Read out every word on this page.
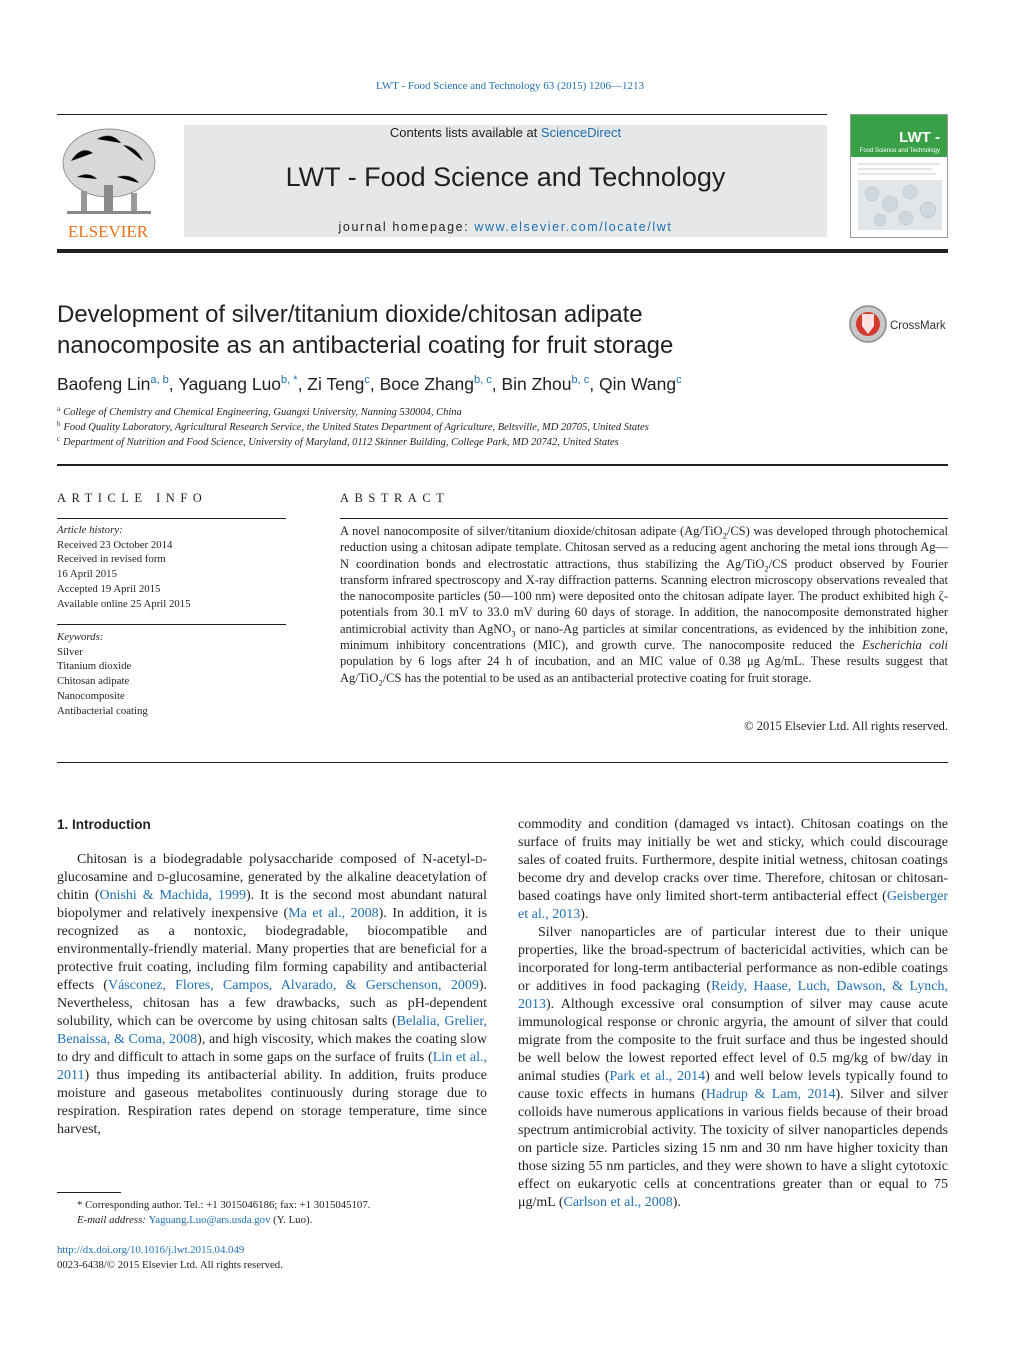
LWT - Food Science and Technology 63 (2015) 1206—1213
ELSEVIER
Contents lists available at ScienceDirect
LWT - Food Science and Technology
journal homepage: www.elsevier.com/locate/lwt
LWT -
Food Science and Technology
Development of silver/titanium dioxide/chitosan adipate
nanocomposite as an antibacterial coating for fruit storage
CrossMark
Baofeng Lin$^{a, b}$, Yaguang Luo$^{b, *}$, Zi Teng$^c$, Boce Zhang$^{b, c}$, Bin Zhou$^{b, c}$, Qin Wang$^c$
$^a$ College of Chemistry and Chemical Engineering, Guangxi University, Nanning 530004, China
$^b$ Food Quality Laboratory, Agricultural Research Service, the United States Department of Agriculture, Beltsville, MD 20705, United States
$^c$ Department of Nutrition and Food Science, University of Maryland, 0112 Skinner Building, College Park, MD 20742, United States
ARTICLE INFO	ABSTRACT
Article history:
Received 23 October 2014
Received in revised form
16 April 2015
Accepted 19 April 2015
Available online 25 April 2015
Keywords:
Silver
Titanium dioxide
Chitosan adipate
Nanocomposite
Antibacterial coating
A novel nanocomposite of silver/titanium dioxide/chitosan adipate (Ag/TiO$_2$/CS) was developed through photochemical reduction using a chitosan adipate template. Chitosan served as a reducing agent anchoring the metal ions through Ag—N coordination bonds and electrostatic attractions, thus stabilizing the Ag/TiO$_2$/CS product observed by Fourier transform infrared spectroscopy and X-ray diffraction patterns. Scanning electron microscopy observations revealed that the nanocomposite particles (50—100 nm) were deposited onto the chitosan adipate layer. The product exhibited high ζ-potentials from 30.1 mV to 33.0 mV during 60 days of storage. In addition, the nanocomposite demonstrated higher antimicrobial activity than AgNO$_3$ or nano-Ag particles at similar concentrations, as evidenced by the inhibition zone, minimum inhibitory concentrations (MIC), and growth curve. The nanocomposite reduced the Escherichia coli population by 6 logs after 24 h of incubation, and an MIC value of 0.38 μg Ag/mL. These results suggest that Ag/TiO$_2$/CS has the potential to be used as an antibacterial protective coating for fruit storage.
© 2015 Elsevier Ltd. All rights reserved.

1. Introduction

Chitosan is a biodegradable polysaccharide composed of N-acetyl-d-glucosamine and d-glucosamine, generated by the alkaline deacetylation of chitin (Onishi & Machida, 1999). It is the second most abundant natural biopolymer and relatively inexpensive (Ma et al., 2008). In addition, it is recognized as a nontoxic, biodegradable, biocompatible and environmentally-friendly material. Many properties that are beneficial for a protective fruit coating, including film forming capability and antibacterial effects (Vásconez, Flores, Campos, Alvarado, & Gerschenson, 2009). Nevertheless, chitosan has a few drawbacks, such as pH-dependent solubility, which can be overcome by using chitosan salts (Belalia, Grelier, Benaissa, & Coma, 2008), and high viscosity, which makes the coating slow to dry and difficult to attach in some gaps on the surface of fruits (Lin et al., 2011) thus impeding its antibacterial ability. In addition, fruits produce moisture and gaseous metabolites continuously during storage due to respiration. Respiration rates depend on storage temperature, time since harvest,

commodity and condition (damaged vs intact). Chitosan coatings on the surface of fruits may initially be wet and sticky, which could discourage sales of coated fruits. Furthermore, despite initial wetness, chitosan coatings become dry and develop cracks over time. Therefore, chitosan or chitosan-based coatings have only limited short-term antibacterial effect (Geisberger et al., 2013).

Silver nanoparticles are of particular interest due to their unique properties, like the broad-spectrum of bactericidal activities, which can be incorporated for long-term antibacterial performance as non-edible coatings or additives in food packaging (Reidy, Haase, Luch, Dawson, & Lynch, 2013). Although excessive oral consumption of silver may cause acute immunological response or chronic argyria, the amount of silver that could migrate from the composite to the fruit surface and thus be ingested should be well below the lowest reported effect level of 0.5 mg/kg of bw/day in animal studies (Park et al., 2014) and well below levels typically found to cause toxic effects in humans (Hadrup & Lam, 2014). Silver and silver colloids have numerous applications in various fields because of their broad spectrum antimicrobial activity. The toxicity of silver nanoparticles depends on particle size. Particles sizing 15 nm and 30 nm have higher toxicity than those sizing 55 nm particles, and they were shown to have a slight cytotoxic effect on eukaryotic cells at concentrations greater than or equal to 75 μg/mL (Carlson et al., 2008).

* Corresponding author. Tel.: +1 3015046186; fax: +1 3015045107.
E-mail address: Yaguang.Luo@ars.usda.gov (Y. Luo).
http://dx.doi.org/10.1016/j.lwt.2015.04.049
0023-6438/© 2015 Elsevier Ltd. All rights reserved.
